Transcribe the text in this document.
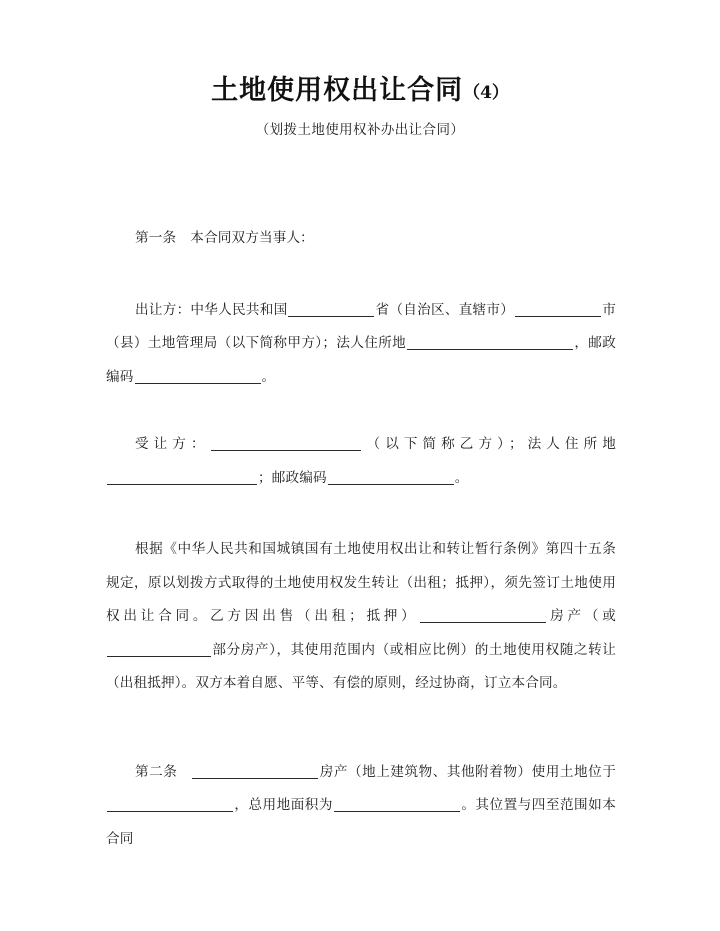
土地使用权出让合同（4）
（划拨土地使用权补办出让合同）

第一条 本合同双方当事人：

出让方：中华人民共和国	省（自治区、直辖市）	市（县）土地管理局（以下简称甲方）；法人住所地	，邮政编码	。

受让方：	（以下简称乙方）；法人住所地；邮政编码	。

根据《中华人民共和国城镇国有土地使用权出让和转让暂行条例》第四十五条规定，原以划拨方式取得的土地使用权发生转让（出租；抵押），须先签订土地使用权出让合同。乙方因出售（出租；抵押）	房产（或部分房产），其使用范围内（或相应比例）的土地使用权随之转让（出租抵押）。双方本着自愿、平等、有偿的原则，经过协商，订立本合同。

第二条	房产（地上建筑物、其他附着物）使用土地位于，总用地面积为	。其位置与四至范围如本合同
